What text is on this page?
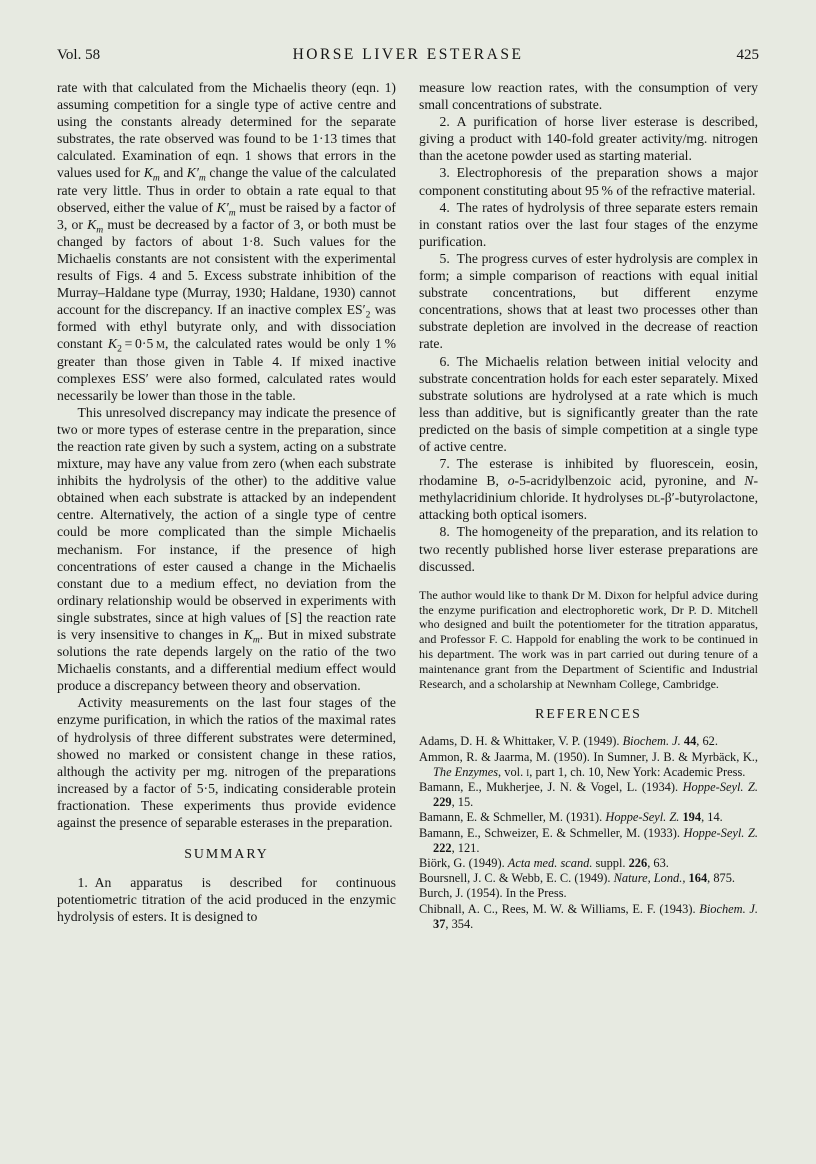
Vol. 58	HORSE LIVER ESTERASE	425

rate with that calculated from the Michaelis theory (eqn. 1) assuming competition for a single type of active centre and using the constants already determined for the separate substrates, the rate observed was found to be 1·13 times that calculated. Examination of eqn. 1 shows that errors in the values used for $K_m$ and $K'_m$ change the value of the calculated rate very little. Thus in order to obtain a rate equal to that observed, either the value of $K'_m$ must be raised by a factor of 3, or $K_m$ must be decreased by a factor of 3, or both must be changed by factors of about 1·8. Such values for the Michaelis constants are not consistent with the experimental results of Figs. 4 and 5. Excess substrate inhibition of the Murray–Haldane type (Murray, 1930; Haldane, 1930) cannot account for the discrepancy. If an inactive complex $ES'_2$ was formed with ethyl butyrate only, and with dissociation constant $K_2 = 0\cdot 5$ m, the calculated rates would be only 1 % greater than those given in Table 4. If mixed inactive complexes ESS′ were also formed, calculated rates would necessarily be lower than those in the table.

This unresolved discrepancy may indicate the presence of two or more types of esterase centre in the preparation, since the reaction rate given by such a system, acting on a substrate mixture, may have any value from zero (when each substrate inhibits the hydrolysis of the other) to the additive value obtained when each substrate is attacked by an independent centre. Alternatively, the action of a single type of centre could be more complicated than the simple Michaelis mechanism. For instance, if the presence of high concentrations of ester caused a change in the Michaelis constant due to a medium effect, no deviation from the ordinary relationship would be observed in experiments with single substrates, since at high values of [S] the reaction rate is very insensitive to changes in $K_m$. But in mixed substrate solutions the rate depends largely on the ratio of the two Michaelis constants, and a differential medium effect would produce a discrepancy between theory and observation.

Activity measurements on the last four stages of the enzyme purification, in which the ratios of the maximal rates of hydrolysis of three different substrates were determined, showed no marked or consistent change in these ratios, although the activity per mg. nitrogen of the preparations increased by a factor of 5·5, indicating considerable protein fractionation. These experiments thus provide evidence against the presence of separable esterases in the preparation.

SUMMARY

1. An apparatus is described for continuous potentiometric titration of the acid produced in the enzymic hydrolysis of esters. It is designed to

measure low reaction rates, with the consumption of very small concentrations of substrate.

2. A purification of horse liver esterase is described, giving a product with 140-fold greater activity/mg. nitrogen than the acetone powder used as starting material.

3. Electrophoresis of the preparation shows a major component constituting about 95 % of the refractive material.

4. The rates of hydrolysis of three separate esters remain in constant ratios over the last four stages of the enzyme purification.

5. The progress curves of ester hydrolysis are complex in form; a simple comparison of reactions with equal initial substrate concentrations, but different enzyme concentrations, shows that at least two processes other than substrate depletion are involved in the decrease of reaction rate.

6. The Michaelis relation between initial velocity and substrate concentration holds for each ester separately. Mixed substrate solutions are hydrolysed at a rate which is much less than additive, but is significantly greater than the rate predicted on the basis of simple competition at a single type of active centre.

7. The esterase is inhibited by fluorescein, eosin, rhodamine B, o-5-acridylbenzoic acid, pyronine, and N-methylacridinium chloride. It hydrolyses dl-β′-butyrolactone, attacking both optical isomers.

8. The homogeneity of the preparation, and its relation to two recently published horse liver esterase preparations are discussed.

The author would like to thank Dr M. Dixon for helpful advice during the enzyme purification and electrophoretic work, Dr P. D. Mitchell who designed and built the potentiometer for the titration apparatus, and Professor F. C. Happold for enabling the work to be continued in his department. The work was in part carried out during tenure of a maintenance grant from the Department of Scientific and Industrial Research, and a scholarship at Newnham College, Cambridge.

REFERENCES

Adams, D. H. & Whittaker, V. P. (1949). Biochem. J. 44, 62.

Ammon, R. & Jaarma, M. (1950). In Sumner, J. B. & Myrbäck, K., The Enzymes, vol. i, part 1, ch. 10, New York: Academic Press.

Bamann, E., Mukherjee, J. N. & Vogel, L. (1934). Hoppe-Seyl. Z. 229, 15.

Bamann, E. & Schmeller, M. (1931). Hoppe-Seyl. Z. 194, 14.

Bamann, E., Schweizer, E. & Schmeller, M. (1933). Hoppe-Seyl. Z. 222, 121.

Biörk, G. (1949). Acta med. scand. suppl. 226, 63.

Boursnell, J. C. & Webb, E. C. (1949). Nature, Lond., 164, 875.

Burch, J. (1954). In the Press.

Chibnall, A. C., Rees, M. W. & Williams, E. F. (1943). Biochem. J. 37, 354.
